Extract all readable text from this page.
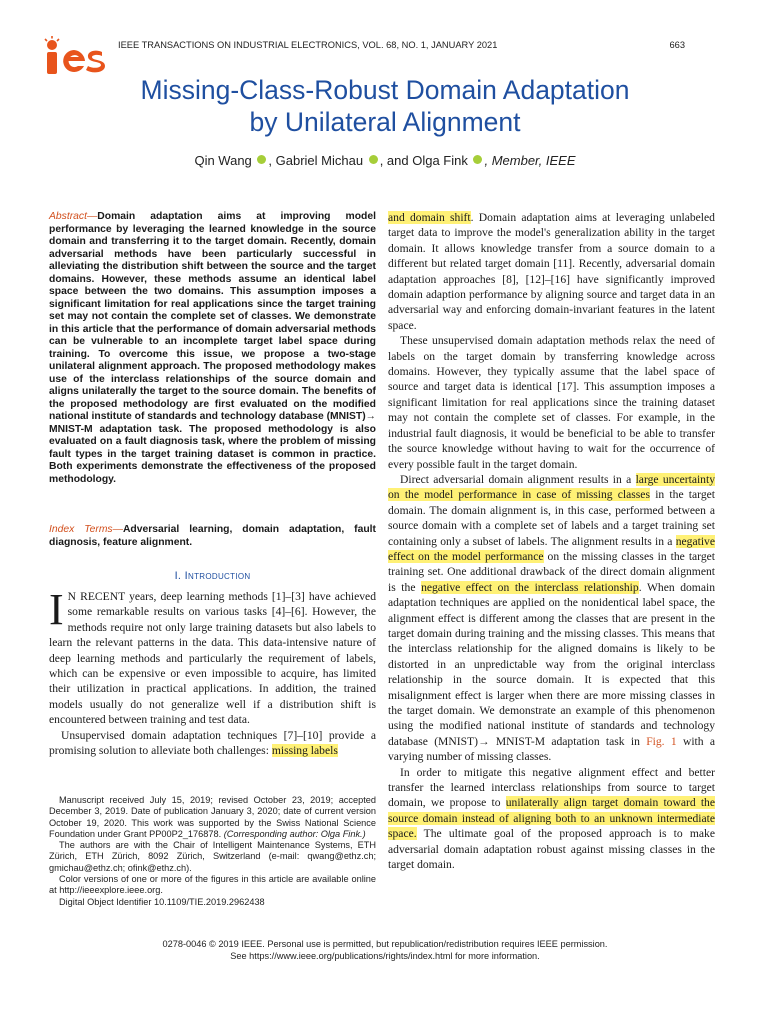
ies
IEEE TRANSACTIONS ON INDUSTRIAL ELECTRONICS, VOL. 68, NO. 1, JANUARY 2021	663
Missing-Class-Robust Domain Adaptation
by Unilateral Alignment
Qin Wang , Gabriel Michau , and Olga Fink , Member, IEEE
Abstract—Domain adaptation aims at improving model performance by leveraging the learned knowledge in the source domain and transferring it to the target domain. Recently, domain adversarial methods have been particularly successful in alleviating the distribution shift between the source and the target domains. However, these methods assume an identical label space between the two domains. This assumption imposes a significant limitation for real applications since the target training set may not contain the complete set of classes. We demonstrate in this article that the performance of domain adversarial methods can be vulnerable to an incomplete target label space during training. To overcome this issue, we propose a two-stage unilateral alignment approach. The proposed methodology makes use of the interclass relationships of the source domain and aligns unilaterally the target to the source domain. The benefits of the proposed methodology are first evaluated on the modified national institute of standards and technology database (MNIST)→ MNIST-M adaptation task. The proposed methodology is also evaluated on a fault diagnosis task, where the problem of missing fault types in the target training dataset is common in practice. Both experiments demonstrate the effectiveness of the proposed methodology.
Index Terms—Adversarial learning, domain adaptation, fault diagnosis, feature alignment.
I. Introduction

I N RECENT years, deep learning methods [1]–[3] have achieved some remarkable results on various tasks [4]–[6]. However, the methods require not only large training datasets but also labels to learn the relevant patterns in the data. This data-intensive nature of deep learning methods and particularly the requirement of labels, which can be expensive or even impossible to acquire, has limited their utilization in practical applications. In addition, the trained models usually do not generalize well if a distribution shift is encountered between training and test data.

Unsupervised domain adaptation techniques [7]–[10] provide a promising solution to alleviate both challenges: missing labels

Manuscript received July 15, 2019; revised October 23, 2019; accepted December 3, 2019. Date of publication January 3, 2020; date of current version October 19, 2020. This work was supported by the Swiss National Science Foundation under Grant PP00P2_176878. (Corresponding author: Olga Fink.)

The authors are with the Chair of Intelligent Maintenance Systems, ETH Zürich, ETH Zürich, 8092 Zürich, Switzerland (e-mail: qwang@ethz.ch; gmichau@ethz.ch; ofink@ethz.ch).

Color versions of one or more of the figures in this article are available online at http://ieeexplore.ieee.org.

Digital Object Identifier 10.1109/TIE.2019.2962438

and domain shift. Domain adaptation aims at leveraging unlabeled target data to improve the model's generalization ability in the target domain. It allows knowledge transfer from a source domain to a different but related target domain [11]. Recently, adversarial domain adaptation approaches [8], [12]–[16] have significantly improved domain adaption performance by aligning source and target data in an adversarial way and enforcing domain-invariant features in the latent space.

These unsupervised domain adaptation methods relax the need of labels on the target domain by transferring knowledge across domains. However, they typically assume that the label space of source and target data is identical [17]. This assumption imposes a significant limitation for real applications since the training dataset may not contain the complete set of classes. For example, in the industrial fault diagnosis, it would be beneficial to be able to transfer the source knowledge without having to wait for the occurrence of every possible fault in the target domain.

Direct adversarial domain alignment results in a large uncertainty on the model performance in case of missing classes in the target domain. The domain alignment is, in this case, performed between a source domain with a complete set of labels and a target training set containing only a subset of labels. The alignment results in a negative effect on the model performance on the missing classes in the target training set. One additional drawback of the direct domain alignment is the negative effect on the interclass relationship. When domain adaptation techniques are applied on the nonidentical label space, the alignment effect is different among the classes that are present in the target domain during training and the missing classes. This means that the interclass relationship for the aligned domains is likely to be distorted in an unpredictable way from the original interclass relationship in the source domain. It is expected that this misalignment effect is larger when there are more missing classes in the target domain. We demonstrate an example of this phenomenon using the modified national institute of standards and technology database (MNIST)→ MNIST-M adaptation task in Fig. 1 with a varying number of missing classes.

In order to mitigate this negative alignment effect and better transfer the learned interclass relationships from source to target domain, we propose to unilaterally align target domain toward the source domain instead of aligning both to an unknown intermediate space. The ultimate goal of the proposed approach is to make adversarial domain adaptation robust against missing classes in the target domain.

0278-0046 © 2019 IEEE. Personal use is permitted, but republication/redistribution requires IEEE permission.
See https://www.ieee.org/publications/rights/index.html for more information.
